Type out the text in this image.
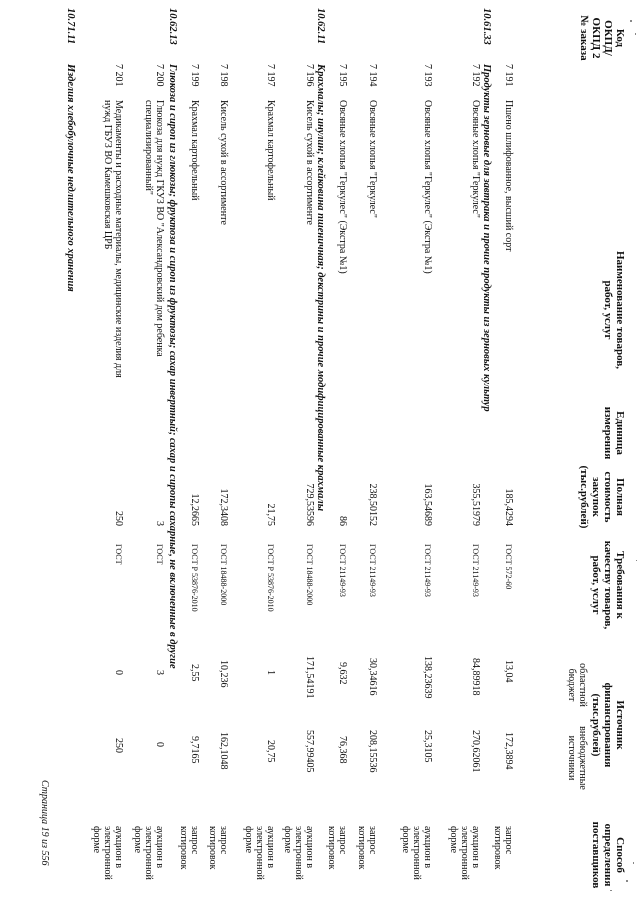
Код
ОКПД/
ОКПД 2
№ заказа
Наименование товаров,
работ, услуг
Единица
измерения
Полная
стоимость
закупок
(тыс.рублей)
Требования к
качеству товаров,
работ, услуг
Источник
финансирования
(тыс.рублей)
областной
бюджет
внебюджетные
источники
Способ
определения
поставщиков
7 191
Пшено шлифованное, высший сорт
185,4294
ГОСТ 572-60
13,04
172,3894
запрос
котировок
10.61.33
Продукты зерновые для завтрака и прочие продукты из зерновых культур
7 192
Овсяные хлопья "Геркулес"
355,51979
ГОСТ 21149-93
84,89918
270,62061
аукцион в
электронной
форме
7 193
Овсяные хлопья "Геркулес" (Экстра №1)
163,54689
ГОСТ 21149-93
138,23639
25,3105
аукцион в
электронной
форме
7 194
Овсяные хлопья "Геркулес"
238,50152
ГОСТ 21149-93
30,34616
208,15536
запрос
котировок
7 195
Овсяные хлопья "Геркулес" (Экстра №1)
86
ГОСТ 21149-93
9,632
76,368
запрос
котировок
10.62.11
Крахмалы; инулин; клейковина пшеничная; декстрины и прочие модифицированные крахмалы
7 196
Кисель сухой в ассортименте
729,53596
ГОСТ 18488-2000
171,54191
557,99405
аукцион в
электронной
форме
7 197
Крахмал картофельный
21,75
ГОСТ Р 53876-2010
1
20,75
аукцион в
электронной
форме
7 198
Кисель сухой в ассортименте
172,3408
ГОСТ 18488-2000
10,236
162,1048
запрос
котировок
7 199
Крахмал картофельный
12,2665
ГОСТ Р 53876-2010
2,55
9,7165
запрос
котировок
10.62.13
Глюкоза и сироп из глюкозы; фруктоза и сироп из фруктозы; сахар инвертный; сахар и сиропы сахарные, не включенные в другие
7 200
Глюкоза для нужд ГКУЗ ВО "Александровский дом ребенка
специализированный"
3
ГОСТ
3
0
аукцион в
электронной
форме
7 201
Медикаменты и расходные материалы, медицинские изделия для
нужд ГБУЗ ВО Камешковская ЦРБ
250
ГОСТ
0
250
аукцион в
электронной
форме
10.71.11
Изделия хлебобулочные недлительного хранения
Страница 19 из 556
